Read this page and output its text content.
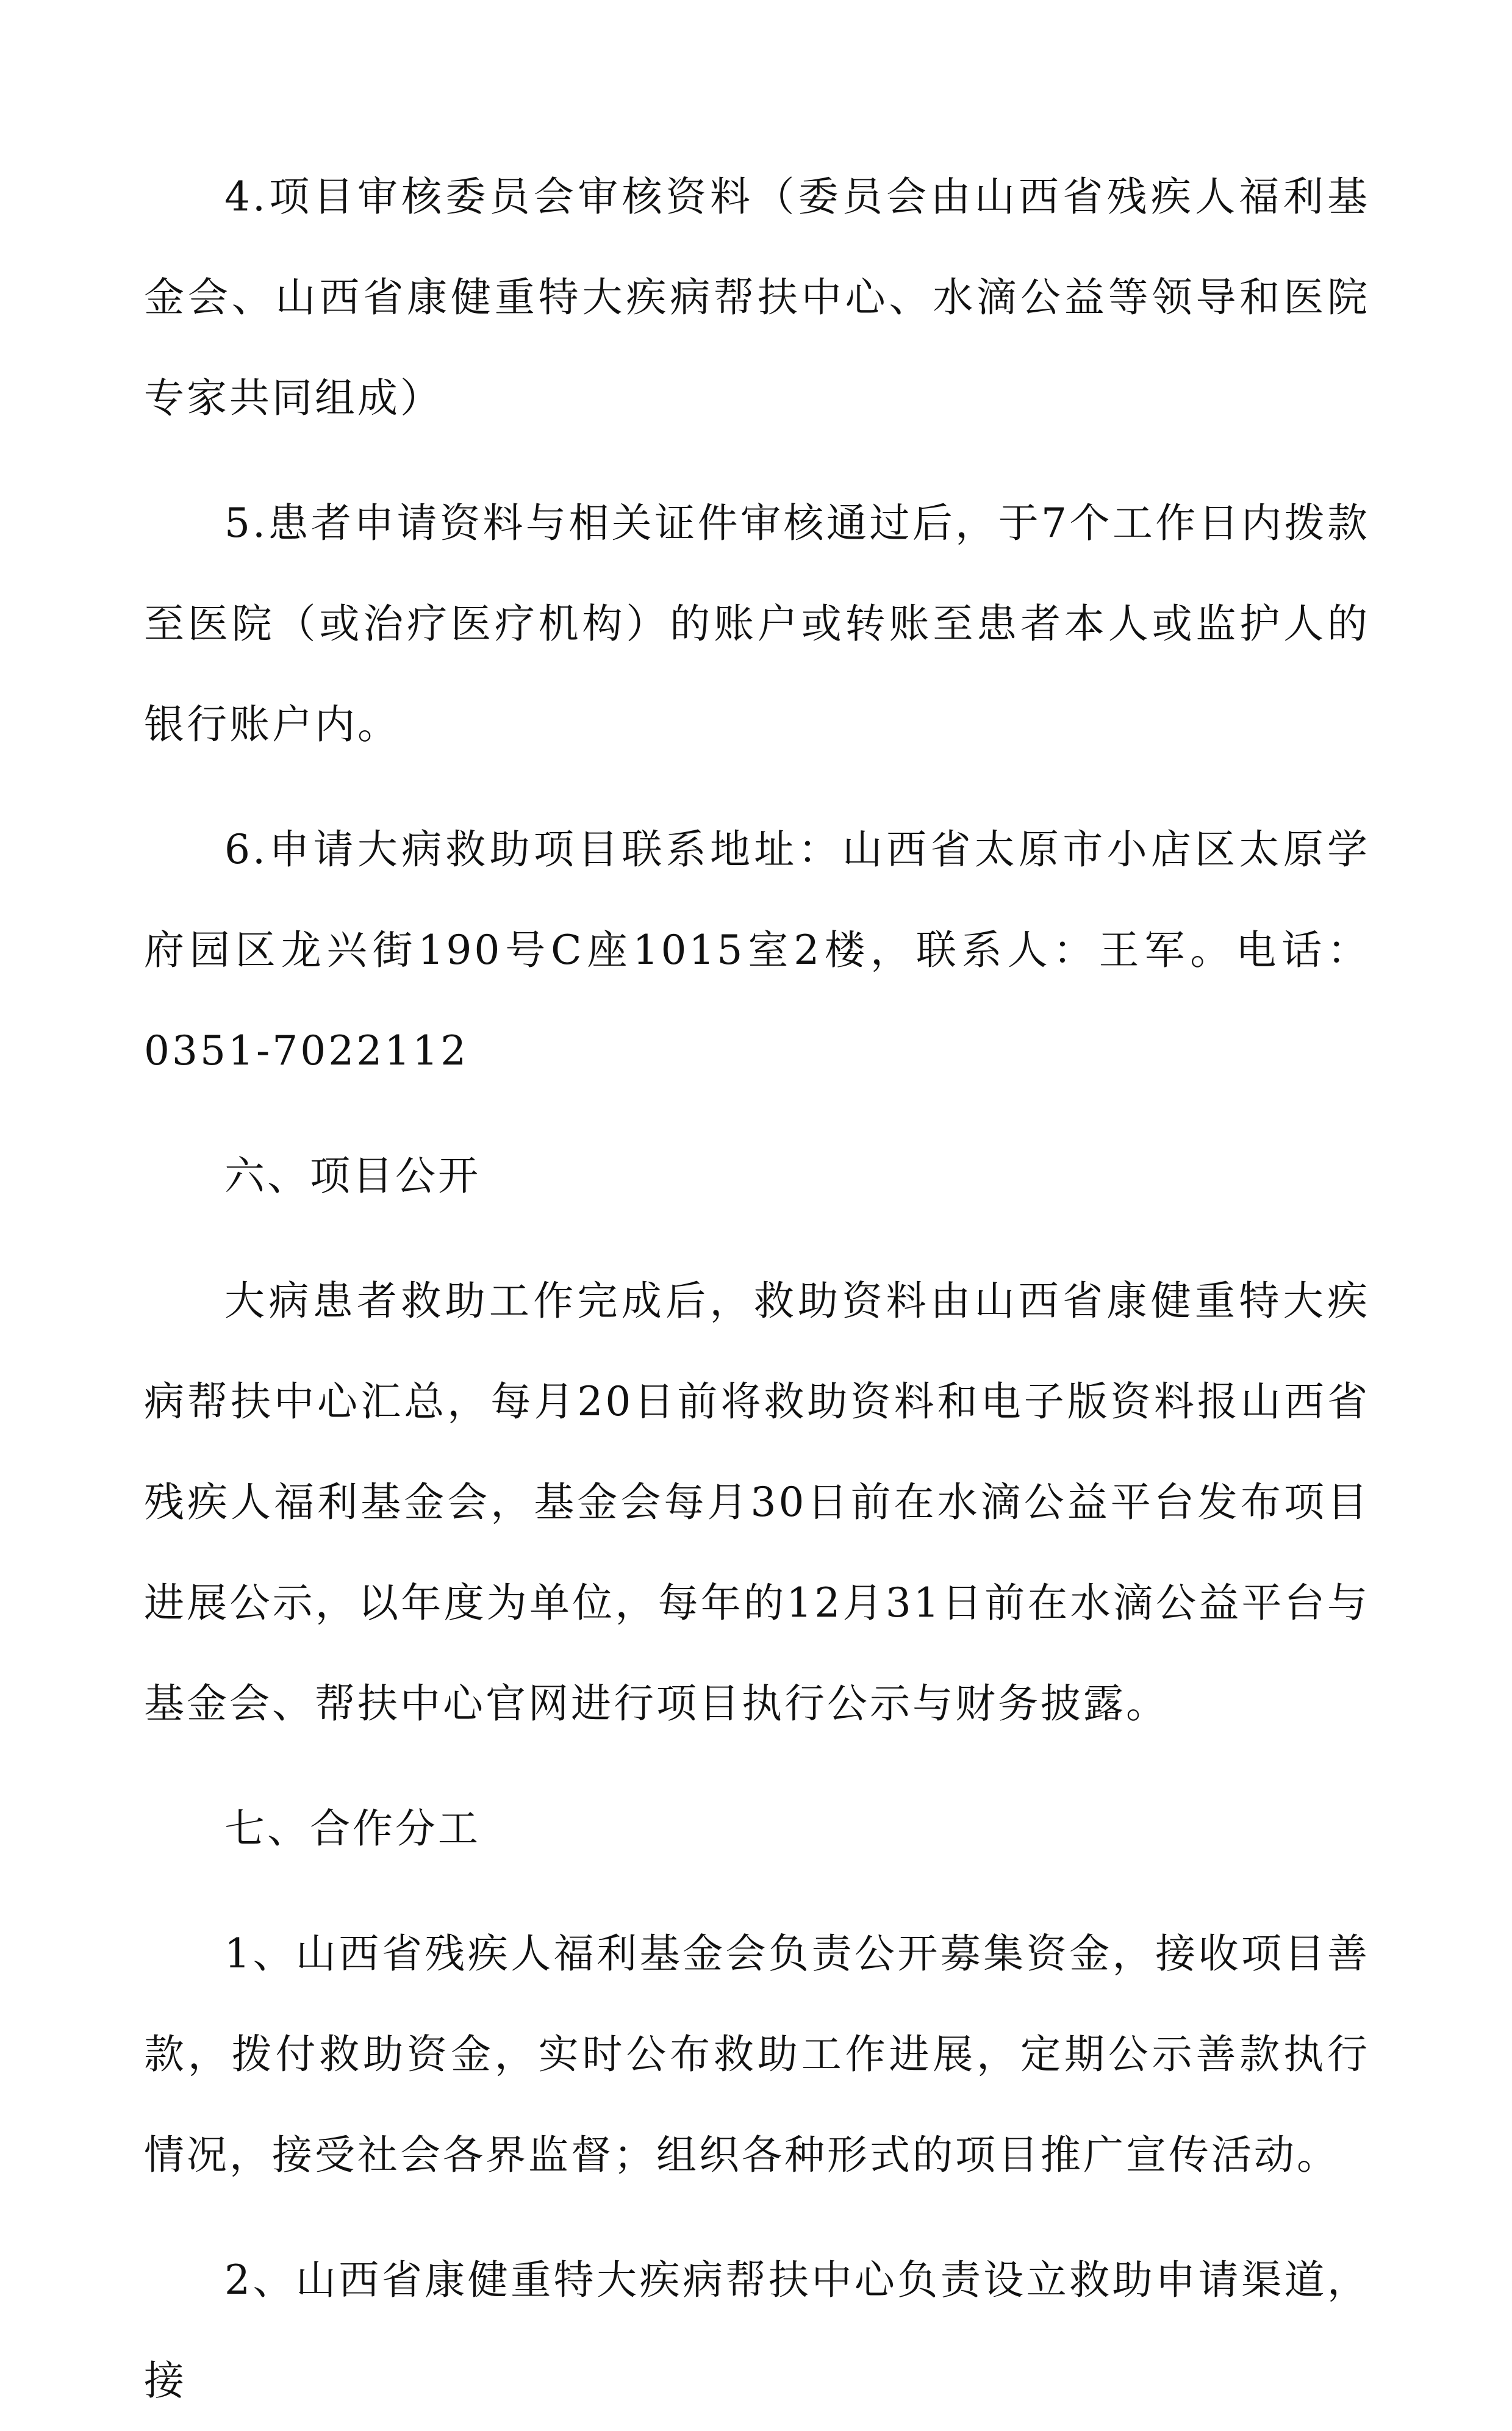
4.项目审核委员会审核资料（委员会由山西省残疾人福利基金会、山西省康健重特大疾病帮扶中心、水滴公益等领导和医院专家共同组成）

5.患者申请资料与相关证件审核通过后，于7个工作日内拨款至医院（或治疗医疗机构）的账户或转账至患者本人或监护人的银行账户内。

6.申请大病救助项目联系地址：山西省太原市小店区太原学府园区龙兴街190号C座1015室2楼，联系人：王军。电话：0351-7022112

六、项目公开

大病患者救助工作完成后，救助资料由山西省康健重特大疾病帮扶中心汇总，每月20日前将救助资料和电子版资料报山西省残疾人福利基金会，基金会每月30日前在水滴公益平台发布项目进展公示，以年度为单位，每年的12月31日前在水滴公益平台与基金会、帮扶中心官网进行项目执行公示与财务披露。

七、合作分工

1、山西省残疾人福利基金会负责公开募集资金，接收项目善款，拨付救助资金，实时公布救助工作进展，定期公示善款执行情况，接受社会各界监督；组织各种形式的项目推广宣传活动。

2、山西省康健重特大疾病帮扶中心负责设立救助申请渠道，接
